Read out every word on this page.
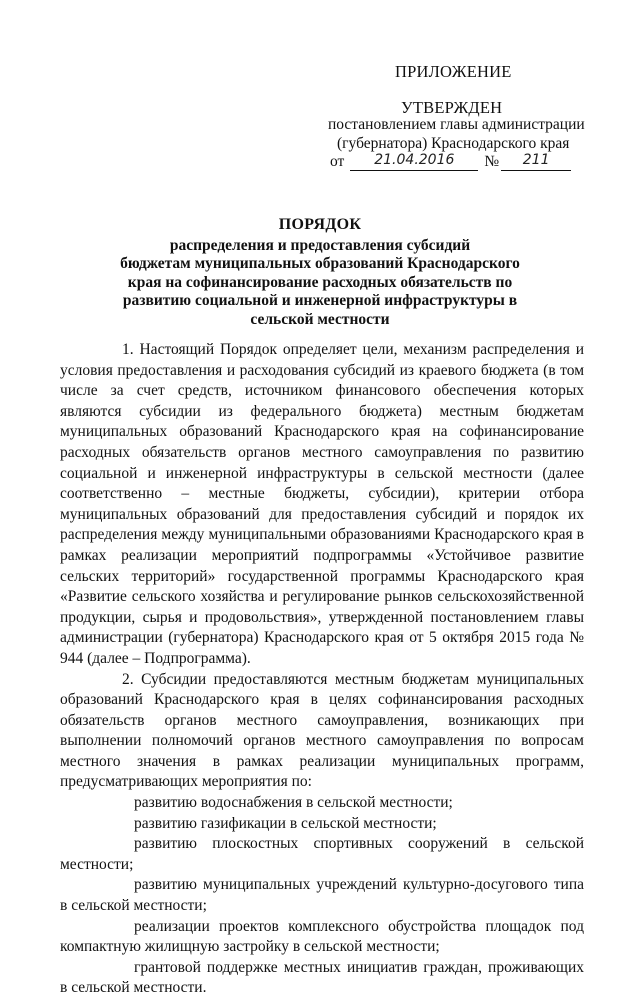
ПРИЛОЖЕНИЕ
УТВЕРЖДЕН
постановлением главы администрации
(губернатора) Краснодарского края
от	21.04.2016	№	211
ПОРЯДОК
распределения и предоставления субсидий
бюджетам муниципальных образований Краснодарского
края на софинансирование расходных обязательств по
развитию социальной и инженерной инфраструктуры в
сельской местности

1. Настоящий Порядок определяет цели, механизм распределения и условия предоставления и расходования субсидий из краевого бюджета (в том числе за счет средств, источником финансового обеспечения которых являются субсидии из федерального бюджета) местным бюджетам муниципальных образований Краснодарского края на софинансирование расходных обязательств органов местного самоуправления по развитию социальной и инженерной инфраструктуры в сельской местности (далее соответственно – местные бюджеты, субсидии), критерии отбора муниципальных образований для предоставления субсидий и порядок их распределения между муниципальными образованиями Краснодарского края в рамках реализации мероприятий подпрограммы «Устойчивое развитие сельских территорий» государственной программы Краснодарского края «Развитие сельского хозяйства и регулирование рынков сельскохозяйственной продукции, сырья и продовольствия», утвержденной постановлением главы администрации (губернатора) Краснодарского края от 5 октября 2015 года № 944 (далее – Подпрограмма).

2. Субсидии предоставляются местным бюджетам муниципальных образований Краснодарского края в целях софинансирования расходных обязательств органов местного самоуправления, возникающих при выполнении полномочий органов местного самоуправления по вопросам местного значения в рамках реализации муниципальных программ, предусматривающих мероприятия по:

развитию водоснабжения в сельской местности;

развитию газификации в сельской местности;

развитию плоскостных спортивных сооружений в сельской местности;

развитию муниципальных учреждений культурно-досугового типа в сельской местности;

реализации проектов комплексного обустройства площадок под компактную жилищную застройку в сельской местности;

грантовой поддержке местных инициатив граждан, проживающих в сельской местности.
